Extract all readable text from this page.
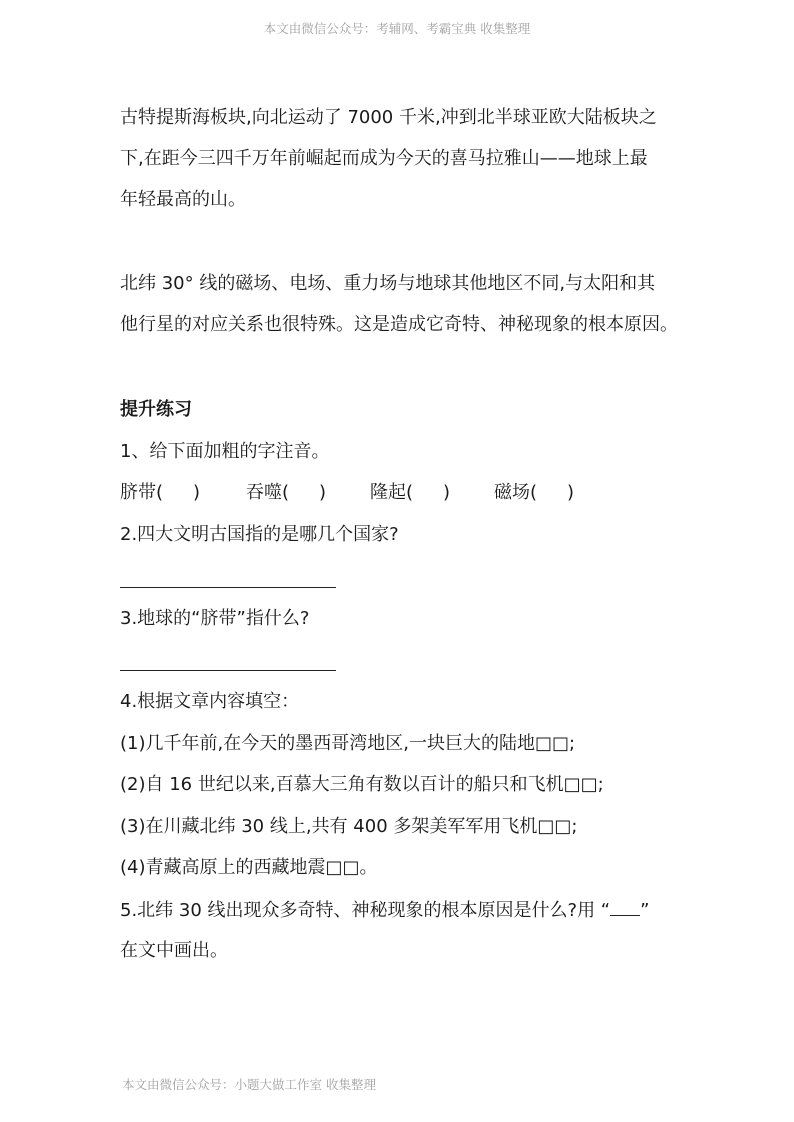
本文由微信公众号：考辅网、考霸宝典 收集整理
古特提斯海板块,向北运动了 7000 千米,冲到北半球亚欧大陆板块之
下,在距今三四千万年前崛起而成为今天的喜马拉雅山——地球上最
年轻最高的山。
北纬 30° 线的磁场、电场、重力场与地球其他地区不同,与太阳和其
他行星的对应关系也很特殊。这是造成它奇特、神秘现象的根本原因。
提升练习
1、给下面加粗的字注音。
脐带( )	吞噬( ) 隆起( ) 磁场( )
2.四大文明古国指的是哪几个国家?
3.地球的“脐带”指什么?
4.根据文章内容填空：
(1)几千年前,在今天的墨西哥湾地区,一块巨大的陆地□□;
(2)自 16 世纪以来,百慕大三角有数以百计的船只和飞机□□;
(3)在川藏北纬 30 线上,共有 400 多架美军军用飞机□□;
(4)青藏高原上的西藏地震□□。
5.北纬 30 线出现众多奇特、神秘现象的根本原因是什么?用 “ ”
在文中画出。
本文由微信公众号：小题大做工作室 收集整理
